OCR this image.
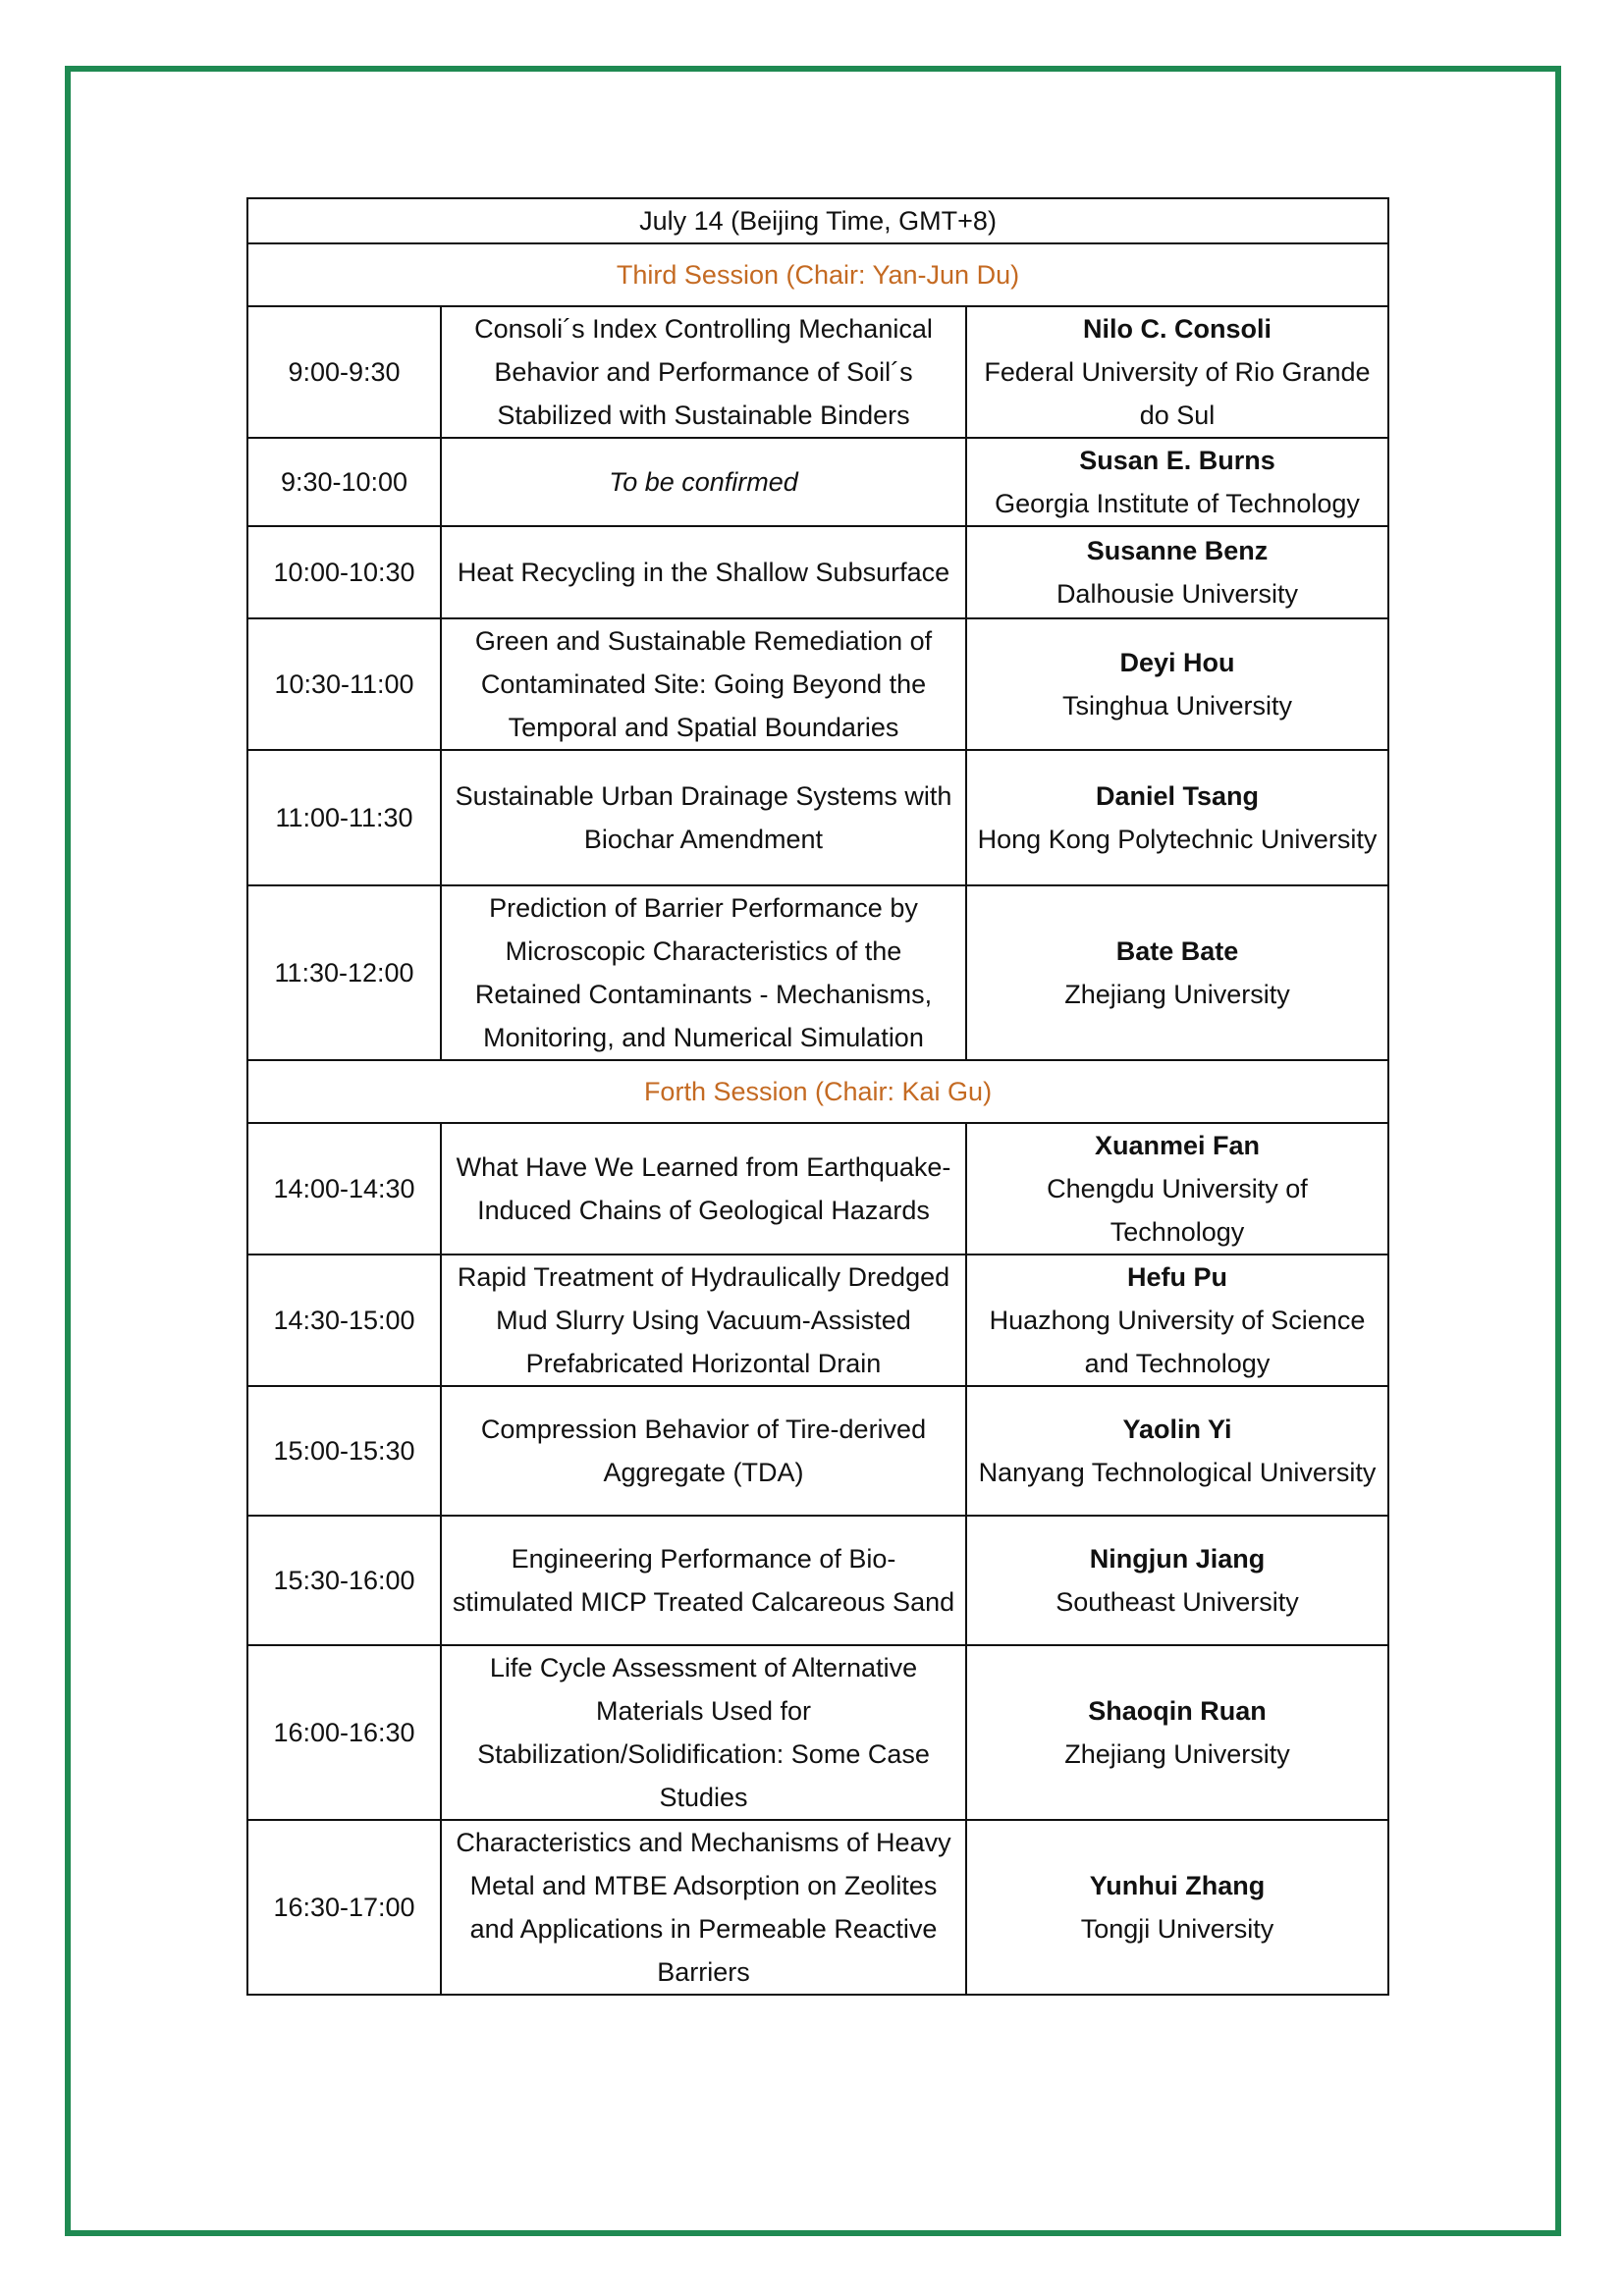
July 14 (Beijing Time, GMT+8)		
Third Session (Chair: Yan-Jun Du)		
9:00-9:30	Consoli´s Index Controlling Mechanical Behavior and Performance of Soil´s Stabilized with Sustainable Binders	Nilo C. Consoli
Federal University of Rio Grande do Sul

9:30-10:00	To be confirmed	Susan E. Burns
Georgia Institute of Technology

10:00-10:30	Heat Recycling in the Shallow Subsurface	Susanne Benz
Dalhousie University

10:30-11:00	Green and Sustainable Remediation of Contaminated Site: Going Beyond the Temporal and Spatial Boundaries	Deyi Hou
Tsinghua University

11:00-11:30	Sustainable Urban Drainage Systems with Biochar Amendment	Daniel Tsang
Hong Kong Polytechnic University

11:30-12:00	Prediction of Barrier Performance by Microscopic Characteristics of the Retained Contaminants - Mechanisms, Monitoring, and Numerical Simulation	Bate Bate
Zhejiang University

Forth Session (Chair: Kai Gu)		
14:00-14:30	What Have We Learned from Earthquake-Induced Chains of Geological Hazards	Xuanmei Fan
Chengdu University of Technology

14:30-15:00	Rapid Treatment of Hydraulically Dredged Mud Slurry Using Vacuum-Assisted Prefabricated Horizontal Drain	Hefu Pu
Huazhong University of Science and Technology

15:00-15:30	Compression Behavior of Tire-derived Aggregate (TDA)	Yaolin Yi
Nanyang Technological University

15:30-16:00	Engineering Performance of Bio-stimulated MICP Treated Calcareous Sand	Ningjun Jiang
Southeast University

16:00-16:30	Life Cycle Assessment of Alternative Materials Used for Stabilization/Solidification: Some Case Studies	Shaoqin Ruan
Zhejiang University

16:30-17:00	Characteristics and Mechanisms of Heavy Metal and MTBE Adsorption on Zeolites and Applications in Permeable Reactive Barriers	Yunhui Zhang
Tongji University
